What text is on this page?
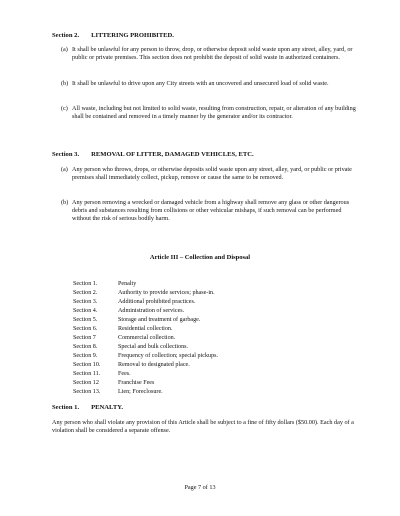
Section 2. LITTERING PROHIBITED.
(a) It shall be unlawful for any person to throw, drop, or otherwise deposit solid waste upon any street, alley, yard, or public or private premises. This section does not prohibit the deposit of solid waste in authorized containers.
(b) It shall be unlawful to drive upon any City streets with an uncovered and unsecured load of solid waste.
(c) All waste, including but not limited to solid waste, resulting from construction, repair, or alteration of any building shall be contained and removed in a timely manner by the generator and/or its contractor.
Section 3. REMOVAL OF LITTER, DAMAGED VEHICLES, ETC.
(a) Any person who throws, drops, or otherwise deposits solid waste upon any street, alley, yard, or public or private premises shall immediately collect, pickup, remove or cause the same to be removed.
(b) Any person removing a wrecked or damaged vehicle from a highway shall remove any glass or other dangerous debris and substances resulting from collisions or other vehicular mishaps, if such removal can be performed without the risk of serious bodily harm.
Article III – Collection and Disposal
Section 1.	Penalty
Section 2.	Authority to provide services; phase-in.
Section 3.	Additional prohibited practices.
Section 4.	Administration of services.
Section 5.	Storage and treatment of garbage.
Section 6.	Residential collection.
Section 7	Commercial collection.
Section 8.	Special and bulk collections.
Section 9.	Frequency of collection; special pickups.
Section 10.	Removal to designated place.
Section 11.	Fees.
Section 12	Franchise Fees
Section 13.	Lien; Foreclosure.
Section 1. PENALTY.
Any person who shall violate any provision of this Article shall be subject to a fine of fifty dollars ($50.00). Each day of a violation shall be considered a separate offense.
Page 7 of 13
